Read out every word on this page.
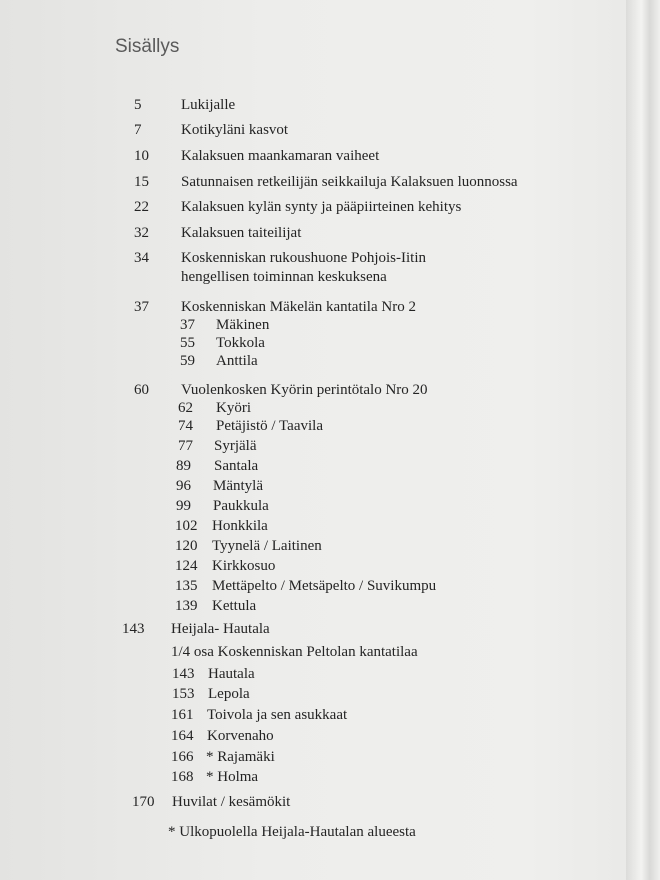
Sisällys
5	Lukijalle
7	Kotikyläni kasvot
10 Kalaksuen maankamaran vaiheet
15 Satunnaisen retkeilijän seikkailuja Kalaksuen luonnossa
22 Kalaksuen kylän synty ja pääpiirteinen kehitys
32 Kalaksuen taiteilijat
34 Koskenniskan rukoushuone Pohjois-Iitin
hengellisen toiminnan keskuksena
37 Koskenniskan Mäkelän kantatila Nro 2
37 Mäkinen
55 Tokkola
59 Anttila
60 Vuolenkosken Kyörin perintötalo Nro 20
62 Kyöri
74 Petäjistö / Taavila
77 Syrjälä
89 Santala
96 Mäntylä
99 Paukkula
102 Honkkila
120 Tyynelä / Laitinen
124 Kirkkosuo
135 Mettäpelto / Metsäpelto / Suvikumpu
139 Kettula
143 Heijala- Hautala
1/4 osa Koskenniskan Peltolan kantatilaa
143 Hautala
153 Lepola
161 Toivola ja sen asukkaat
164 Korvenaho
166 * Rajamäki
168 * Holma
170 Huvilat / kesämökit
* Ulkopuolella Heijala-Hautalan alueesta
